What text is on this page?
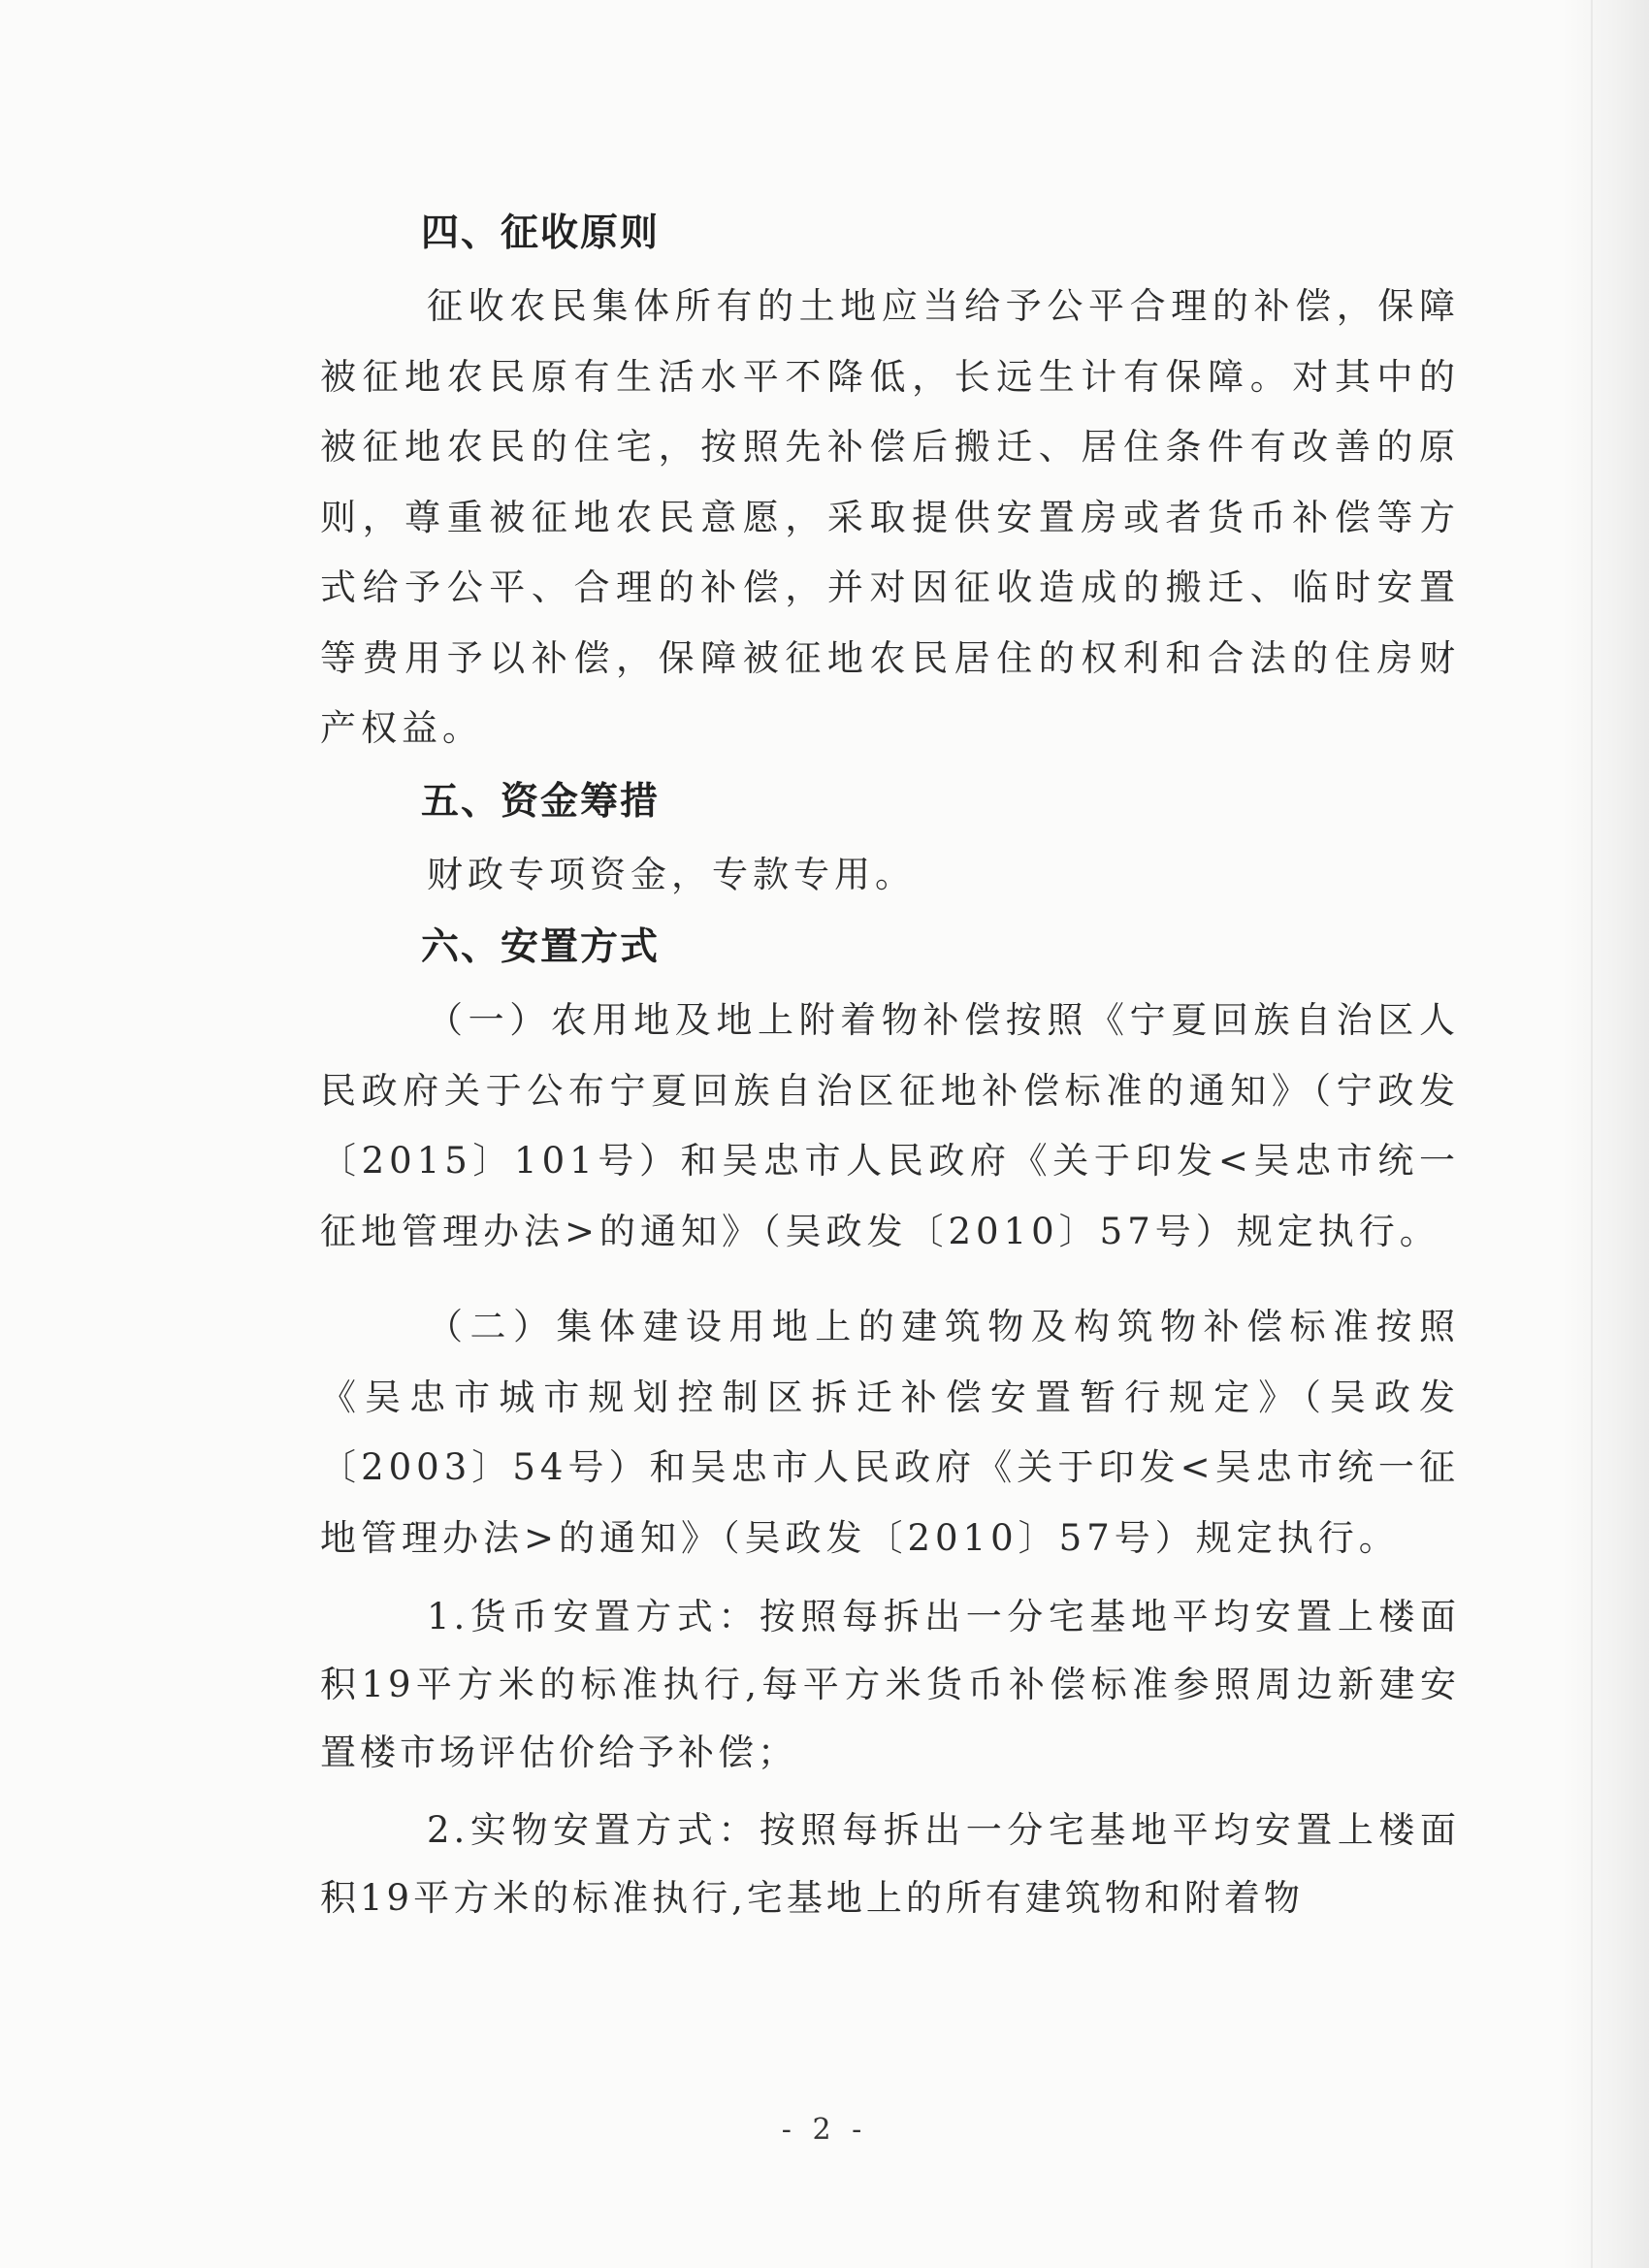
四、征收原则

征收农民集体所有的土地应当给予公平合理的补偿，保障被征地农民原有生活水平不降低，长远生计有保障。对其中的被征地农民的住宅，按照先补偿后搬迁、居住条件有改善的原则，尊重被征地农民意愿，采取提供安置房或者货币补偿等方式给予公平、合理的补偿，并对因征收造成的搬迁、临时安置等费用予以补偿，保障被征地农民居住的权利和合法的住房财产权益。

五、资金筹措

财政专项资金，专款专用。

六、安置方式

（一）农用地及地上附着物补偿按照《宁夏回族自治区人民政府关于公布宁夏回族自治区征地补偿标准的通知》（宁政发〔2015〕101号）和吴忠市人民政府《关于印发<吴忠市统一征地管理办法>的通知》（吴政发〔2010〕57号）规定执行。

（二）集体建设用地上的建筑物及构筑物补偿标准按照《吴忠市城市规划控制区拆迁补偿安置暂行规定》（吴政发〔2003〕54号）和吴忠市人民政府《关于印发<吴忠市统一征地管理办法>的通知》（吴政发〔2010〕57号）规定执行。

1.货币安置方式：按照每拆出一分宅基地平均安置上楼面积19平方米的标准执行,每平方米货币补偿标准参照周边新建安置楼市场评估价给予补偿；

2.实物安置方式：按照每拆出一分宅基地平均安置上楼面积19平方米的标准执行,宅基地上的所有建筑物和附着物

- 2 -
